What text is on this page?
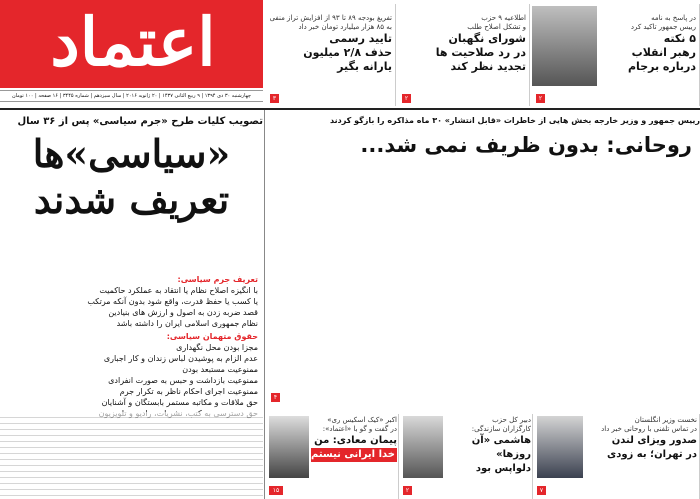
اعتماد	در پاسخ به نامه
رییس جمهور تاکید کرد
۵ نکته
رهبر انقلاب
درباره برجام
۲
اطلاعیه ۹ حزب
و تشکل اصلاح طلب
شورای نگهبان
در رد صلاحیت ها
تجدید نظر کند
۲
تفریغ بودجه ۸۹ تا ۹۳ از افزایش تراز منفی
به ۸۵ هزار میلیارد تومان خبر داد
تایید رسمی
حذف ۲/۸ میلیون
یارانه بگیر
۳
چهارشنبه ۳۰ دی ۱۳۹۴ | ۹ ربیع الثانی ۱۴۳۷ | ۲۰ ژانویه ۲۰۱۶ | سال سیزدهم | شماره ۳۴۴۵ | ۱۶ صفحه | ۱۰۰ تومان
رییس جمهور و وزیر خارجه بخش هایی از خاطرات «قابل انتشار» ۳۰ ماه مذاکره را بازگو کردند
روحانی: بدون ظریف نمی شد...
ظریف: نقدها و مخالفت ها
را شنیدم، کمبود اکنون روز
جشن مردم است و دست در
دست هم ایران آباد بسازیم
۴
تصویب کلیات طرح «جرم سیاسی» پس از ۳۶ سال
«سیاسی»ها
تعریف شدند

تعریف جرم سیاسی:

با انگیزه اصلاح نظام یا انتقاد به عملکرد حاکمیت

یا کسب یا حفظ قدرت، واقع شود بدون آنکه مرتکب

قصد ضربه زدن به اصول و ارزش های بنیادین

نظام جمهوری اسلامی ایران را داشته باشد

حقوق متهمان سیاسی:

مجزا بودن محل نگهداری

عدم الزام به پوشیدن لباس زندان و کار اجباری

ممنوعیت مستبعد بودن

ممنوعیت بازداشت و حبس به صورت انفرادی

ممنوعیت اجرای احکام ناظر به تکرار جرم

حق ملاقات و مکاتبه مستمر بابستگان و آشنایان

نخست وزیر انگلستان
در تماس تلفنی با روحانی خبر داد
صدور ویزای لندن
در تهران؛ به زودی
۷
دبیر کل حزب
کارگزاران سازندگی:
هاشمی «آن روزها»
دلواپس بود
۲
اکبر «کیک اسکیس ری»
در گفت و گو با «اعتماد»:
پیمان معادی: من
خدا ایرانی نیستم
۱۵
